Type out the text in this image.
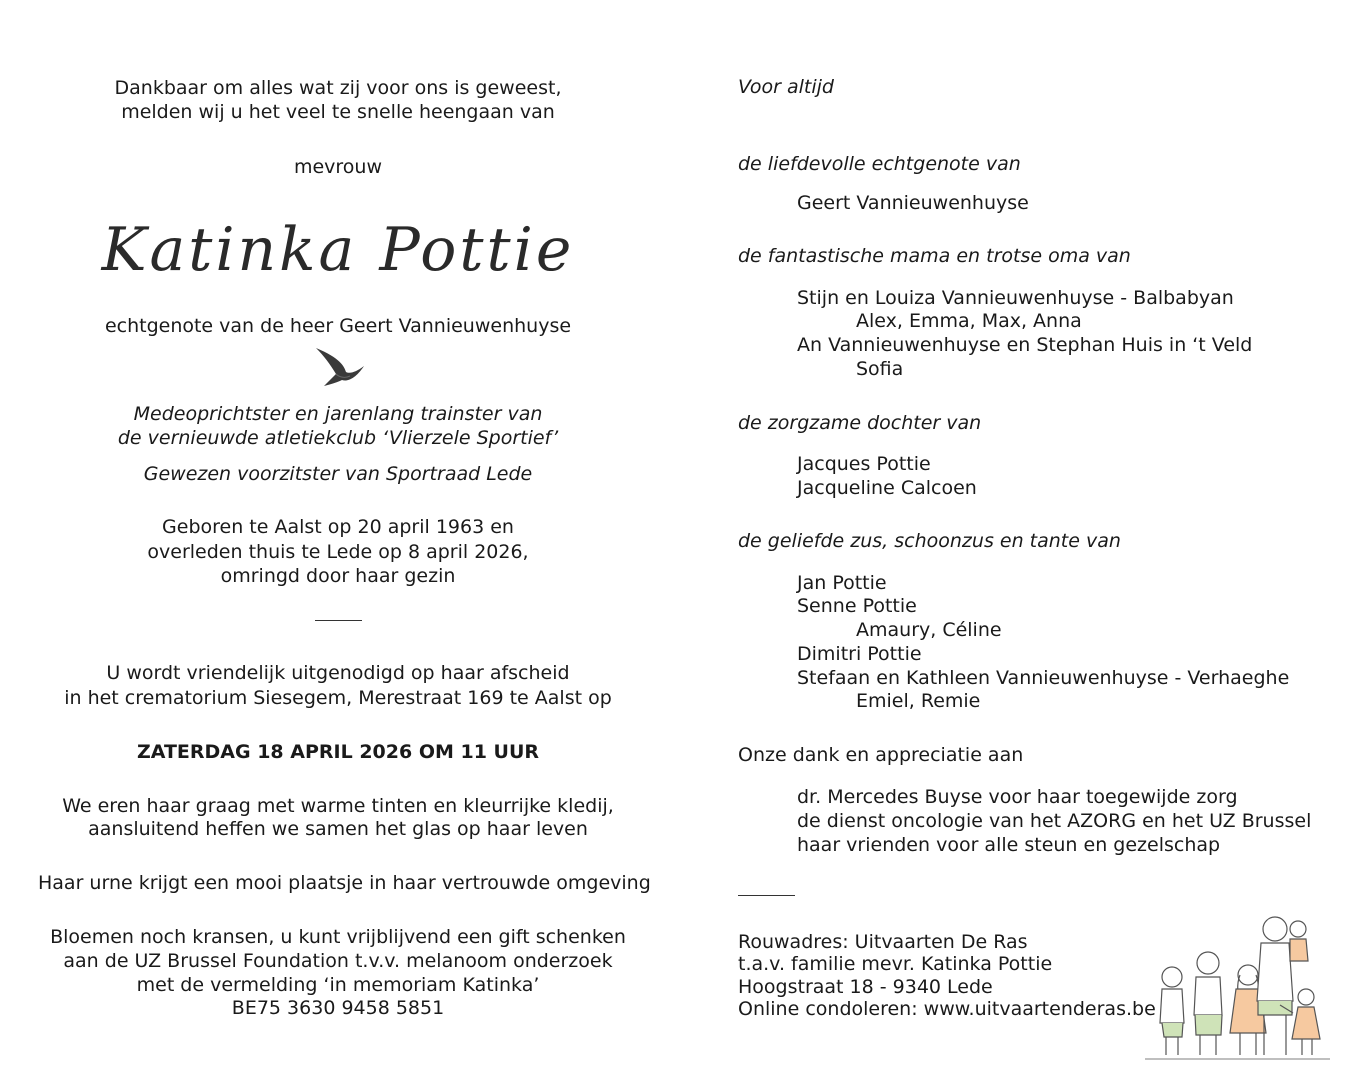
Dankbaar om alles wat zij voor ons is geweest,
melden wij u het veel te snelle heengaan van
mevrouw
Katinka Pottie
echtgenote van de heer Geert Vannieuwenhuyse
Medeoprichtster en jarenlang trainster van
de vernieuwde atletiekclub ‘Vlierzele Sportief’
Gewezen voorzitster van Sportraad Lede
Geboren te Aalst op 20 april 1963 en
overleden thuis te Lede op 8 april 2026,
omringd door haar gezin
U wordt vriendelijk uitgenodigd op haar afscheid
in het crematorium Siesegem, Merestraat 169 te Aalst op
ZATERDAG 18 APRIL 2026 OM 11 UUR
We eren haar graag met warme tinten en kleurrijke kledij,
aansluitend heffen we samen het glas op haar leven
Haar urne krijgt een mooi plaatsje in haar vertrouwde omgeving
Bloemen noch kransen, u kunt vrijblijvend een gift schenken
aan de UZ Brussel Foundation t.v.v. melanoom onderzoek
met de vermelding ‘in memoriam Katinka’
BE75 3630 9458 5851
Voor altijd
de liefdevolle echtgenote van
Geert Vannieuwenhuyse
de fantastische mama en trotse oma van
Stijn en Louiza Vannieuwenhuyse - Balbabyan
Alex, Emma, Max, Anna
An Vannieuwenhuyse en Stephan Huis in ‘t Veld
Sofia
de zorgzame dochter van
Jacques Pottie
Jacqueline Calcoen
de geliefde zus, schoonzus en tante van
Jan Pottie
Senne Pottie
Amaury, Céline
Dimitri Pottie
Stefaan en Kathleen Vannieuwenhuyse - Verhaeghe
Emiel, Remie
Onze dank en appreciatie aan
dr. Mercedes Buyse voor haar toegewijde zorg
de dienst oncologie van het AZORG en het UZ Brussel
haar vrienden voor alle steun en gezelschap
Rouwadres: Uitvaarten De Ras
t.a.v. familie mevr. Katinka Pottie
Hoogstraat 18 - 9340 Lede
Online condoleren: www.uitvaartenderas.be
